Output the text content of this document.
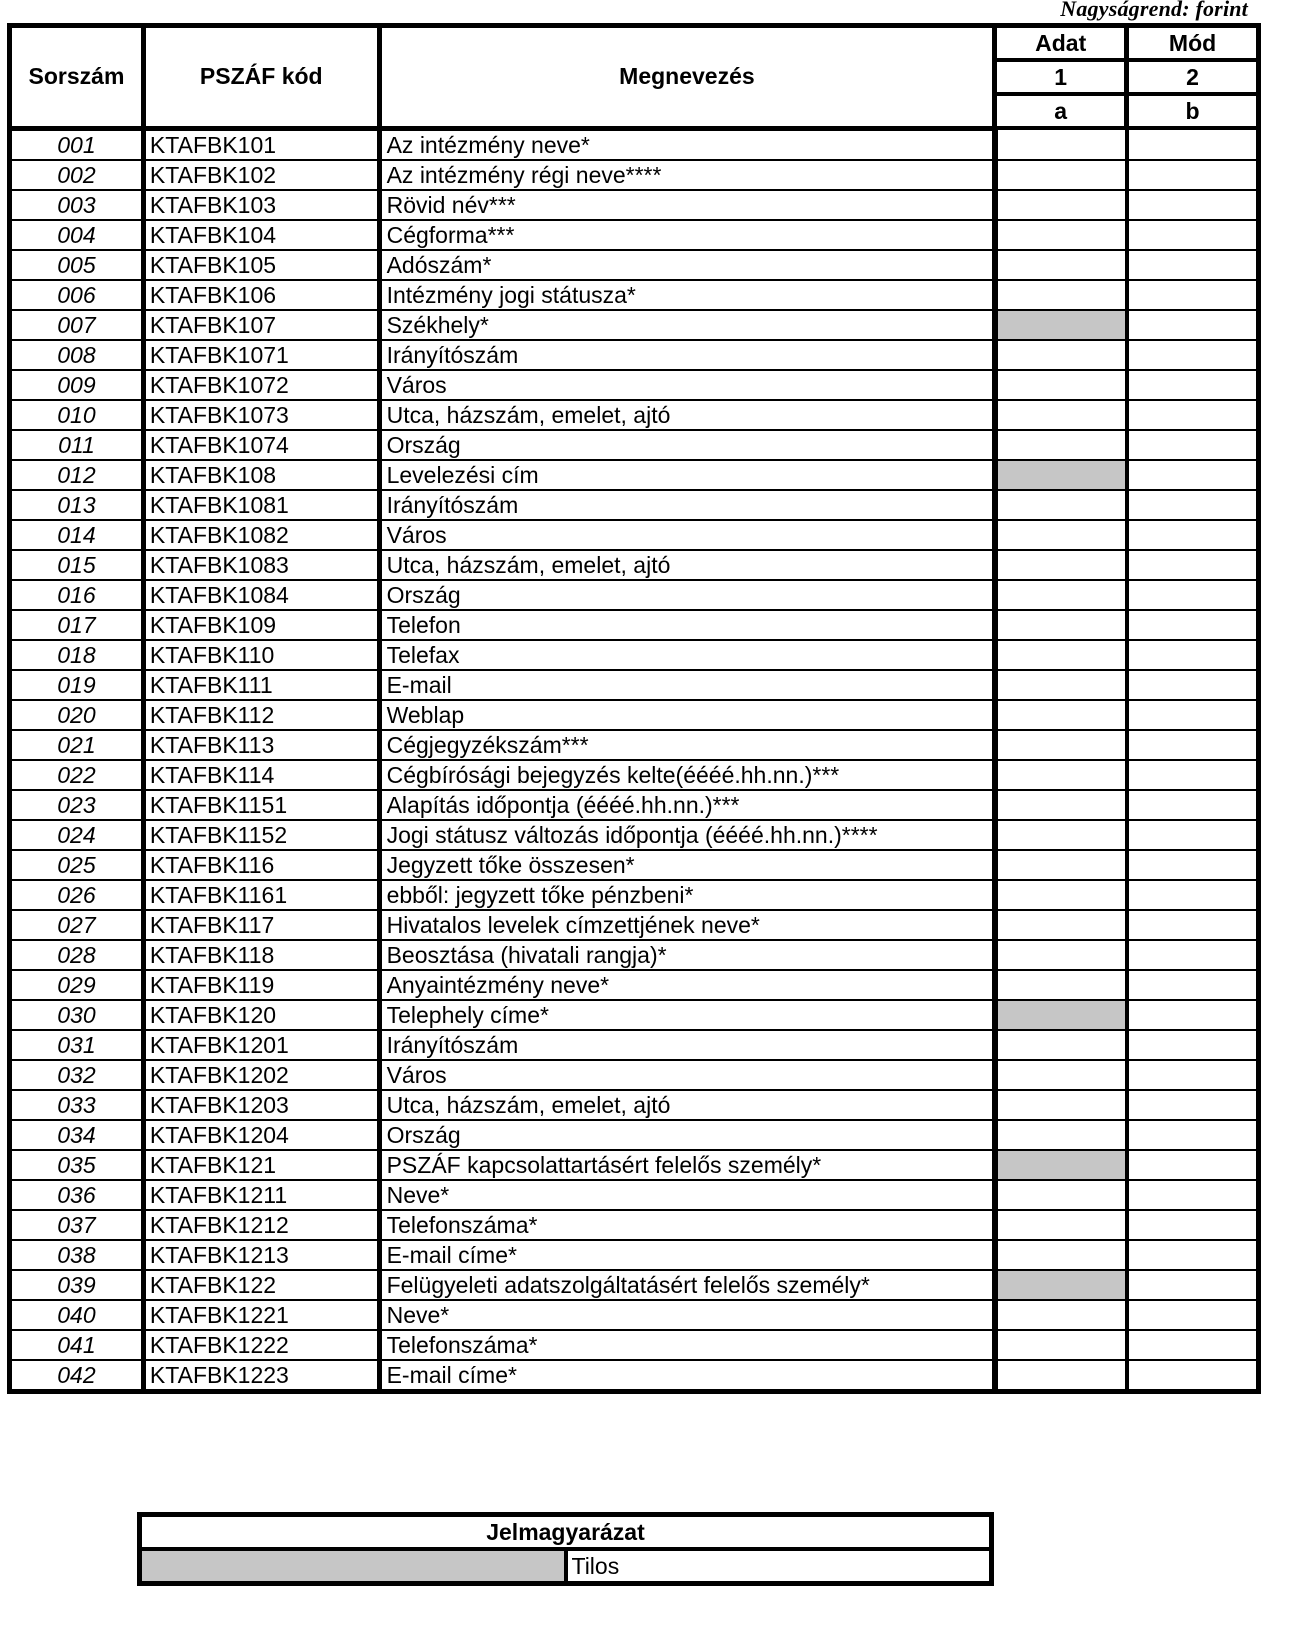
Nagyságrend: forint
Sorszám	PSZÁF kód	Megnevezés	Adat	Mód
			1	2
			a	b
001	KTAFBK101	Az intézmény neve*		
002	KTAFBK102	Az intézmény régi neve****		
003	KTAFBK103	Rövid név***		
004	KTAFBK104	Cégforma***		
005	KTAFBK105	Adószám*		
006	KTAFBK106	Intézmény jogi státusza*		
007	KTAFBK107	Székhely*		
008	KTAFBK1071	Irányítószám		
009	KTAFBK1072	Város		
010	KTAFBK1073	Utca, házszám, emelet, ajtó		
011	KTAFBK1074	Ország		
012	KTAFBK108	Levelezési cím		
013	KTAFBK1081	Irányítószám		
014	KTAFBK1082	Város		
015	KTAFBK1083	Utca, házszám, emelet, ajtó		
016	KTAFBK1084	Ország		
017	KTAFBK109	Telefon		
018	KTAFBK110	Telefax		
019	KTAFBK111	E-mail		
020	KTAFBK112	Weblap		
021	KTAFBK113	Cégjegyzékszám***		
022	KTAFBK114	Cégbírósági bejegyzés kelte(éééé.hh.nn.)***		
023	KTAFBK1151	Alapítás időpontja (éééé.hh.nn.)***		
024	KTAFBK1152	Jogi státusz változás időpontja (éééé.hh.nn.)****		
025	KTAFBK116	Jegyzett tőke összesen*		
026	KTAFBK1161	ebből: jegyzett tőke pénzbeni*		
027	KTAFBK117	Hivatalos levelek címzettjének neve*		
028	KTAFBK118	Beosztása (hivatali rangja)*		
029	KTAFBK119	Anyaintézmény neve*		
030	KTAFBK120	Telephely címe*		
031	KTAFBK1201	Irányítószám		
032	KTAFBK1202	Város		
033	KTAFBK1203	Utca, házszám, emelet, ajtó		
034	KTAFBK1204	Ország		
035	KTAFBK121	PSZÁF kapcsolattartásért felelős személy*		
036	KTAFBK1211	Neve*		
037	KTAFBK1212	Telefonszáma*		
038	KTAFBK1213	E-mail címe*		
039	KTAFBK122	Felügyeleti adatszolgáltatásért felelős személy*		
040	KTAFBK1221	Neve*		
041	KTAFBK1222	Telefonszáma*		
042	KTAFBK1223	E-mail címe*		
Jelmagyarázat
	Tilos
